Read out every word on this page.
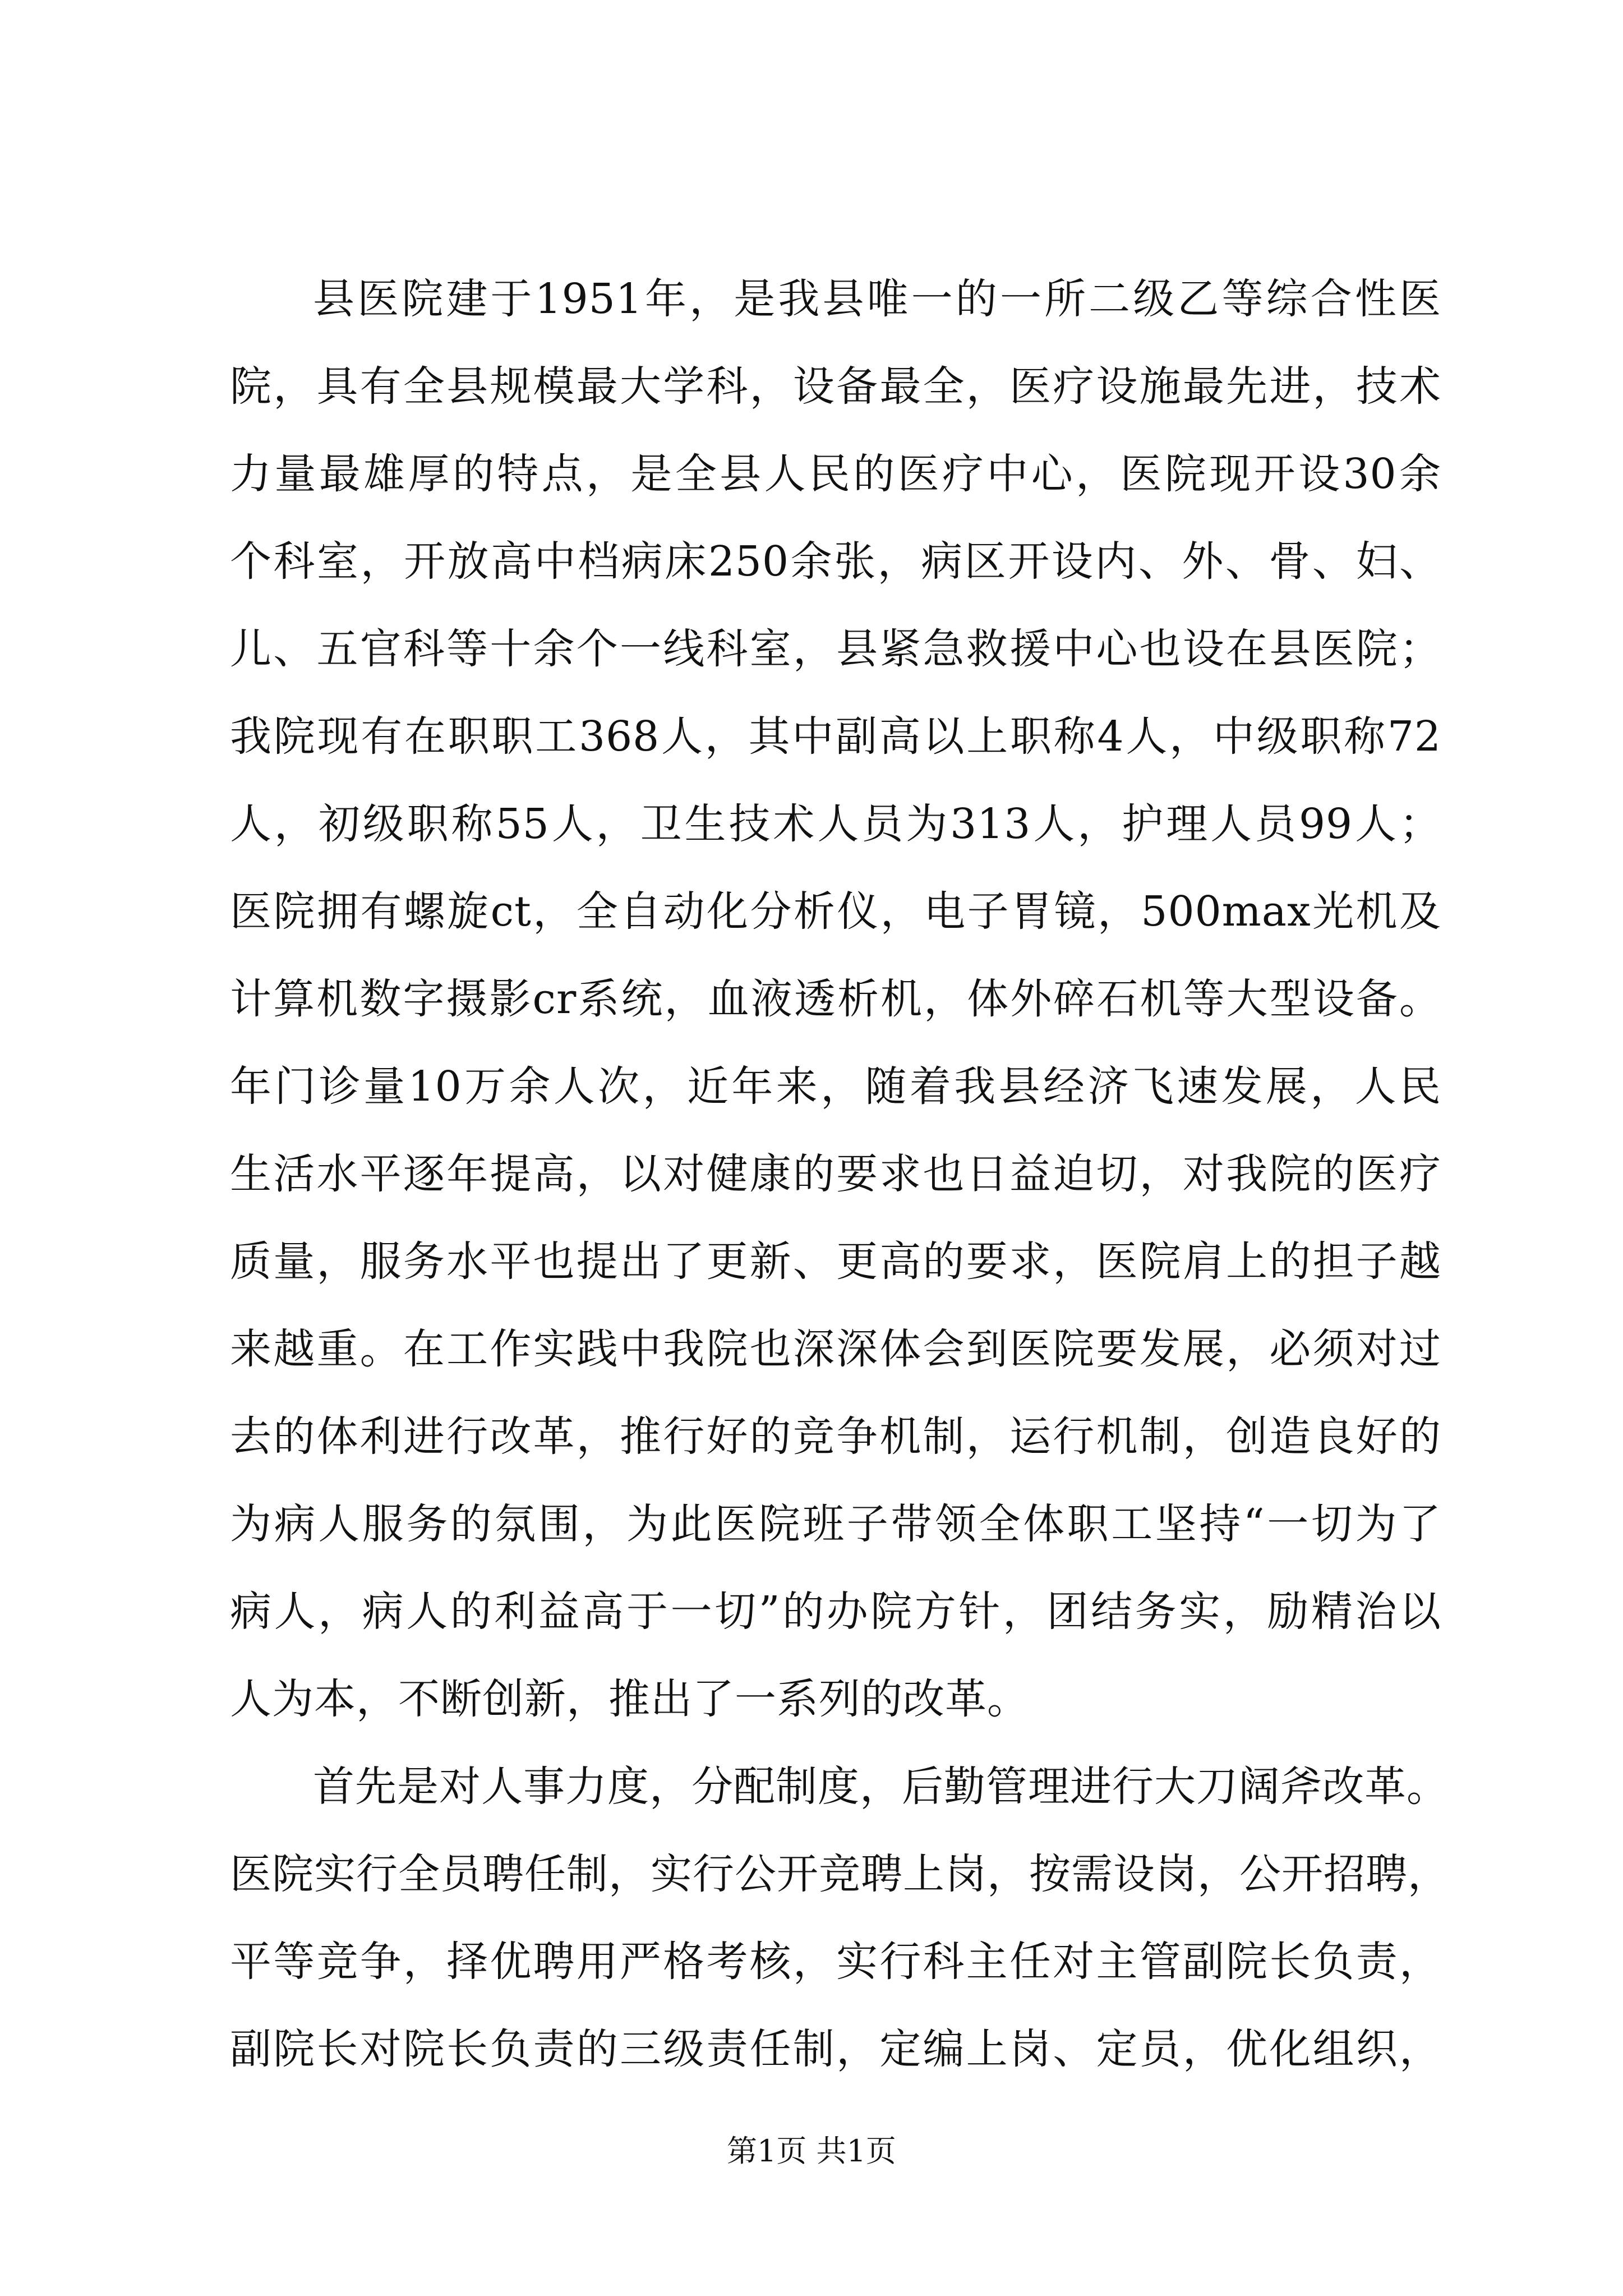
县医院建于1951年，是我县唯一的一所二级乙等综合性医
院，具有全县规模最大学科，设备最全，医疗设施最先进，技术
力量最雄厚的特点，是全县人民的医疗中心，医院现开设30余
个科室，开放高中档病床250余张，病区开设内、外、骨、妇、
儿、五官科等十余个一线科室，县紧急救援中心也设在县医院；
我院现有在职职工368人，其中副高以上职称4人，中级职称72
人，初级职称55人，卫生技术人员为313人，护理人员99人；
医院拥有螺旋ct，全自动化分析仪，电子胃镜，500max光机及
计算机数字摄影cr系统，血液透析机，体外碎石机等大型设备。
年门诊量10万余人次，近年来，随着我县经济飞速发展，人民
生活水平逐年提高，以对健康的要求也日益迫切，对我院的医疗
质量，服务水平也提出了更新、更高的要求，医院肩上的担子越
来越重。在工作实践中我院也深深体会到医院要发展，必须对过
去的体利进行改革，推行好的竞争机制，运行机制，创造良好的
为病人服务的氛围，为此医院班子带领全体职工坚持“一切为了
病人，病人的利益高于一切”的办院方针，团结务实，励精治以
人为本，不断创新，推出了一系列的改革。
首先是对人事力度，分配制度，后勤管理进行大刀阔斧改革。
医院实行全员聘任制，实行公开竞聘上岗，按需设岗，公开招聘，
平等竞争，择优聘用严格考核，实行科主任对主管副院长负责，
副院长对院长负责的三级责任制，定编上岗、定员，优化组织，
第1页 共1页
